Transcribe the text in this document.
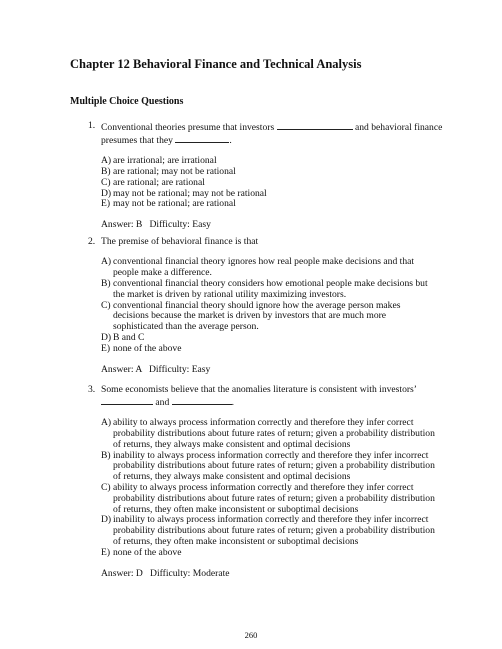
Chapter 12 Behavioral Finance and Technical Analysis
Multiple Choice Questions
1. Conventional theories presume that investors	and behavioral finance
presumes that they	.
A) are irrational; are irrational
B) are rational; may not be rational
C) are rational; are rational
D) may not be rational; may not be rational
E) may not be rational; are rational
Answer: B   Difficulty: Easy
2. The premise of behavioral finance is that
A) conventional financial theory ignores how real people make decisions and that
people make a difference.
B) conventional financial theory considers how emotional people make decisions but
the market is driven by rational utility maximizing investors.
C) conventional financial theory should ignore how the average person makes
decisions because the market is driven by investors that are much more
sophisticated than the average person.
D) B and C
E) none of the above
Answer: A   Difficulty: Easy
3. Some economists believe that the anomalies literature is consistent with investors’
and	.
A) ability to always process information correctly and therefore they infer correct
probability distributions about future rates of return; given a probability distribution
of returns, they always make consistent and optimal decisions
B) inability to always process information correctly and therefore they infer incorrect
probability distributions about future rates of return; given a probability distribution
of returns, they always make consistent and optimal decisions
C) ability to always process information correctly and therefore they infer correct
probability distributions about future rates of return; given a probability distribution
of returns, they often make inconsistent or suboptimal decisions
D) inability to always process information correctly and therefore they infer incorrect
probability distributions about future rates of return; given a probability distribution
of returns, they often make inconsistent or suboptimal decisions
E) none of the above
Answer: D   Difficulty: Moderate
260
